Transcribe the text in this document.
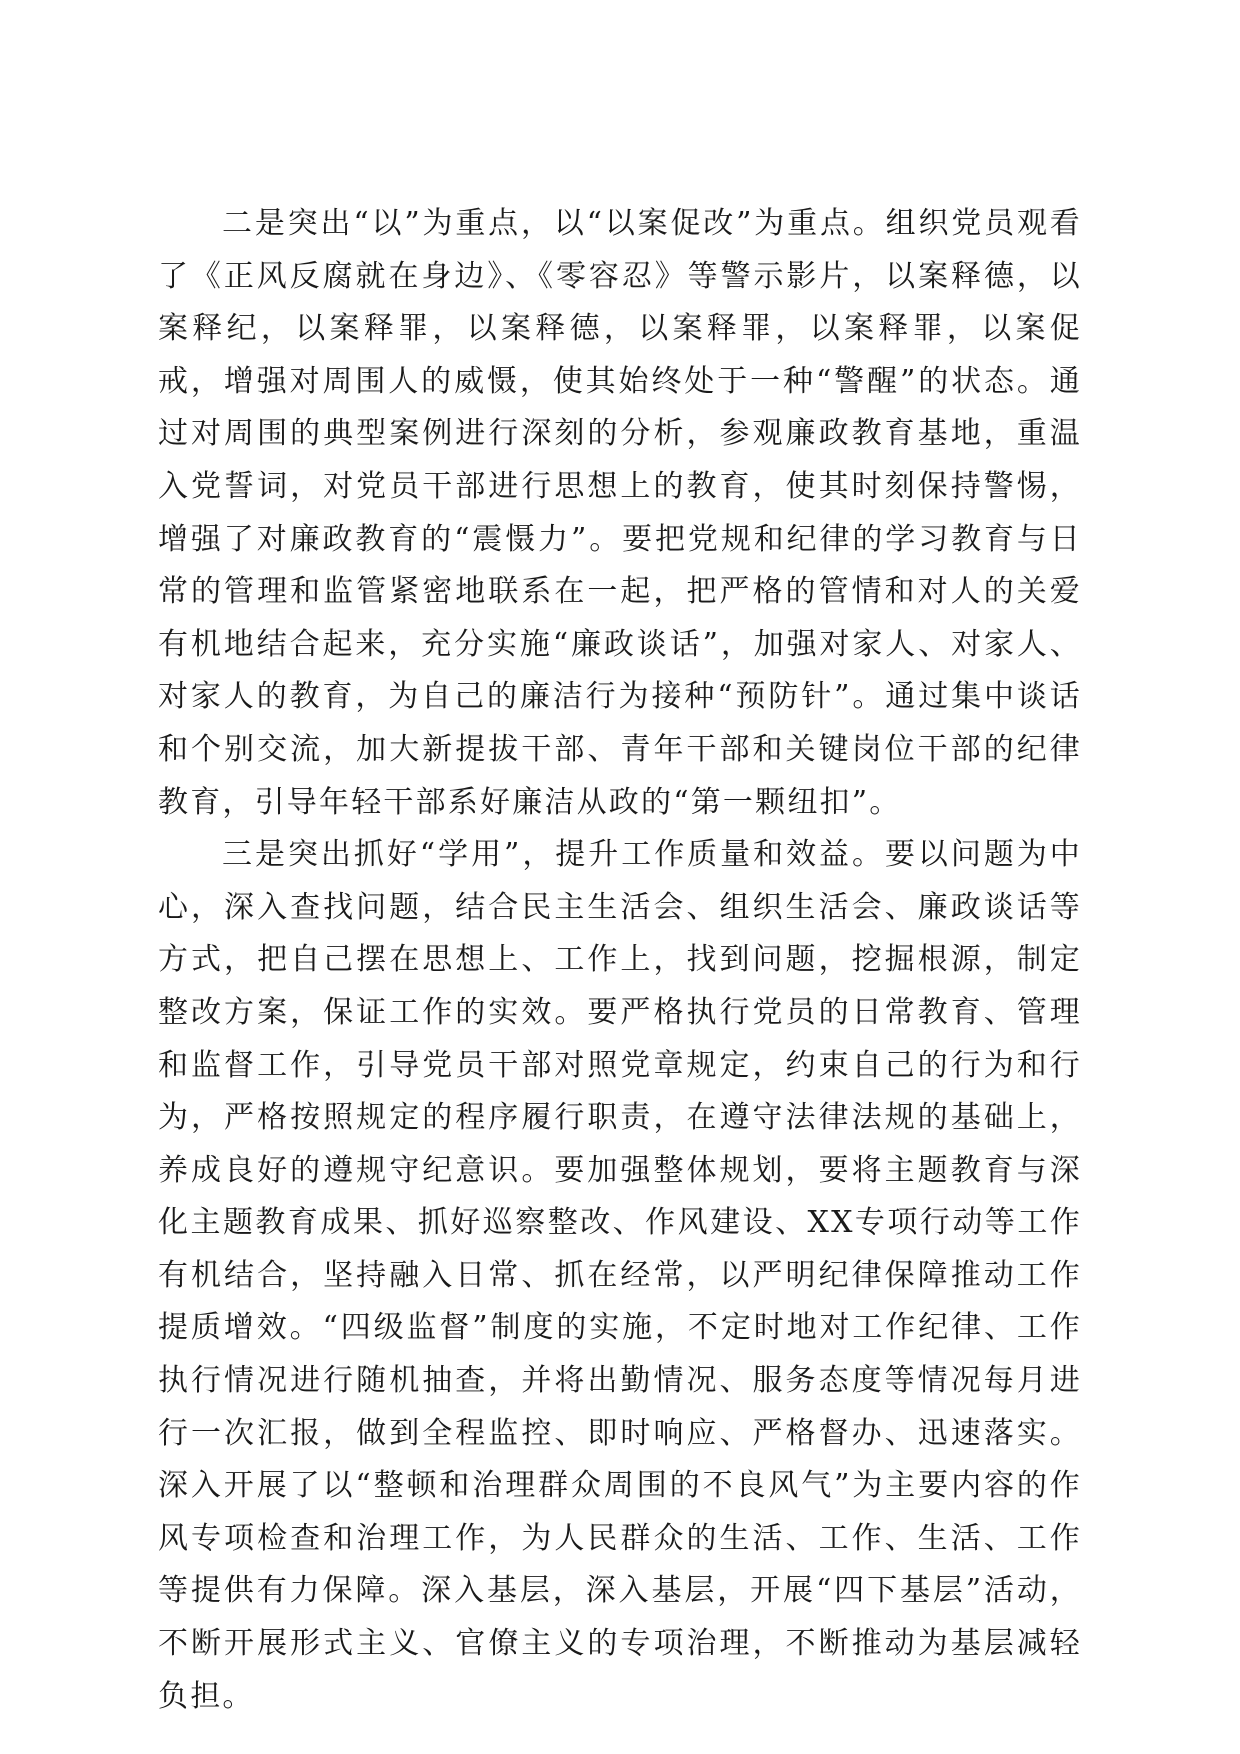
二是突出“以”为重点，以“以案促改”为重点。组织党员观看了《正风反腐就在身边》、《零容忍》等警示影片，以案释德，以案释纪，以案释罪，以案释德，以案释罪，以案释罪，以案促戒，增强对周围人的威慑，使其始终处于一种“警醒”的状态。通过对周围的典型案例进行深刻的分析，参观廉政教育基地，重温入党誓词，对党员干部进行思想上的教育，使其时刻保持警惕，增强了对廉政教育的“震慑力”。要把党规和纪律的学习教育与日常的管理和监管紧密地联系在一起，把严格的管情和对人的关爱有机地结合起来，充分实施“廉政谈话”，加强对家人、对家人、对家人的教育，为自己的廉洁行为接种“预防针”。通过集中谈话和个别交流，加大新提拔干部、青年干部和关键岗位干部的纪律教育，引导年轻干部系好廉洁从政的“第一颗纽扣”。

三是突出抓好“学用”，提升工作质量和效益。要以问题为中心，深入查找问题，结合民主生活会、组织生活会、廉政谈话等方式，把自己摆在思想上、工作上，找到问题，挖掘根源，制定整改方案，保证工作的实效。要严格执行党员的日常教育、管理和监督工作，引导党员干部对照党章规定，约束自己的行为和行为，严格按照规定的程序履行职责，在遵守法律法规的基础上，养成良好的遵规守纪意识。要加强整体规划，要将主题教育与深化主题教育成果、抓好巡察整改、作风建设、XX专项行动等工作有机结合，坚持融入日常、抓在经常，以严明纪律保障推动工作提质增效。“四级监督”制度的实施，不定时地对工作纪律、工作执行情况进行随机抽查，并将出勤情况、服务态度等情况每月进行一次汇报，做到全程监控、即时响应、严格督办、迅速落实。深入开展了以“整顿和治理群众周围的不良风气”为主要内容的作风专项检查和治理工作，为人民群众的生活、工作、生活、工作等提供有力保障。深入基层，深入基层，开展“四下基层”活动，不断开展形式主义、官僚主义的专项治理，不断推动为基层减轻负担。
